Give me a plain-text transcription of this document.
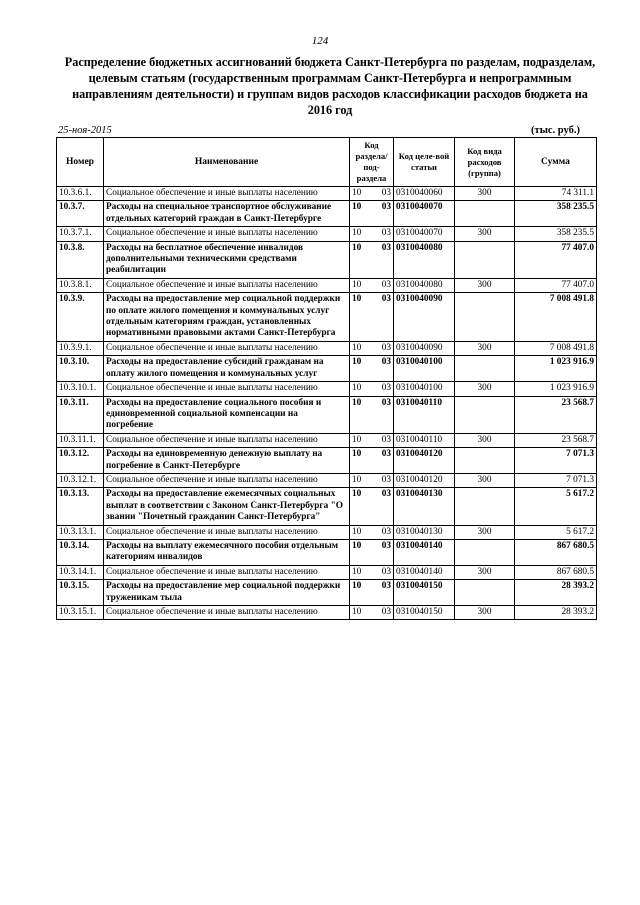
124
Распределение бюджетных ассигнований бюджета Санкт-Петербурга по разделам, подразделам, целевым статьям (государственным программам Санкт-Петербурга и непрограммным направлениям деятельности) и группам видов расходов классификации расходов бюджета на 2016 год
25-ноя-2015	(тыс. руб.)
Номер	Наименование	Код раздела/ под-раздела		Код целе-вой статьи	Код вида расходов (группа)	Сумма
10.3.6.1.	Социальное обеспечение и иные выплаты населению	10	03	0310040060	300	74 311.1
10.3.7.	Расходы на специальное транспортное обслуживание отдельных категорий граждан в Санкт-Петербурге	10	03	0310040070		358 235.5
10.3.7.1.	Социальное обеспечение и иные выплаты населению	10	03	0310040070	300	358 235.5
10.3.8.	Расходы на бесплатное обеспечение инвалидов дополнительными техническими средствами реабилитации	10	03	0310040080		77 407.0
10.3.8.1.	Социальное обеспечение и иные выплаты населению	10	03	0310040080	300	77 407.0
10.3.9.	Расходы на предоставление мер социальной поддержки по оплате жилого помещения и коммунальных услуг отдельным категориям граждан, установленных нормативными правовыми актами Санкт-Петербурга	10	03	0310040090		7 008 491.8
10.3.9.1.	Социальное обеспечение и иные выплаты населению	10	03	0310040090	300	7 008 491.8
10.3.10.	Расходы на предоставление субсидий гражданам на оплату жилого помещения и коммунальных услуг	10	03	0310040100		1 023 916.9
10.3.10.1.	Социальное обеспечение и иные выплаты населению	10	03	0310040100	300	1 023 916.9
10.3.11.	Расходы на предоставление социального пособия и единовременной социальной компенсации на погребение	10	03	0310040110		23 568.7
10.3.11.1.	Социальное обеспечение и иные выплаты населению	10	03	0310040110	300	23 568.7
10.3.12.	Расходы на единовременную денежную выплату на погребение в Санкт-Петербурге	10	03	0310040120		7 071.3
10.3.12.1.	Социальное обеспечение и иные выплаты населению	10	03	0310040120	300	7 071.3
10.3.13.	Расходы на предоставление ежемесячных социальных выплат в соответствии с Законом Санкт-Петербурга "О звании "Почетный гражданин Санкт-Петербурга"	10	03	0310040130		5 617.2
10.3.13.1.	Социальное обеспечение и иные выплаты населению	10	03	0310040130	300	5 617.2
10.3.14.	Расходы на выплату ежемесячного пособия отдельным категориям инвалидов	10	03	0310040140		867 680.5
10.3.14.1.	Социальное обеспечение и иные выплаты населению	10	03	0310040140	300	867 680.5
10.3.15.	Расходы на предоставление мер социальной поддержки труженикам тыла	10	03	0310040150		28 393.2
10.3.15.1.	Социальное обеспечение и иные выплаты населению	10	03	0310040150	300	28 393.2
